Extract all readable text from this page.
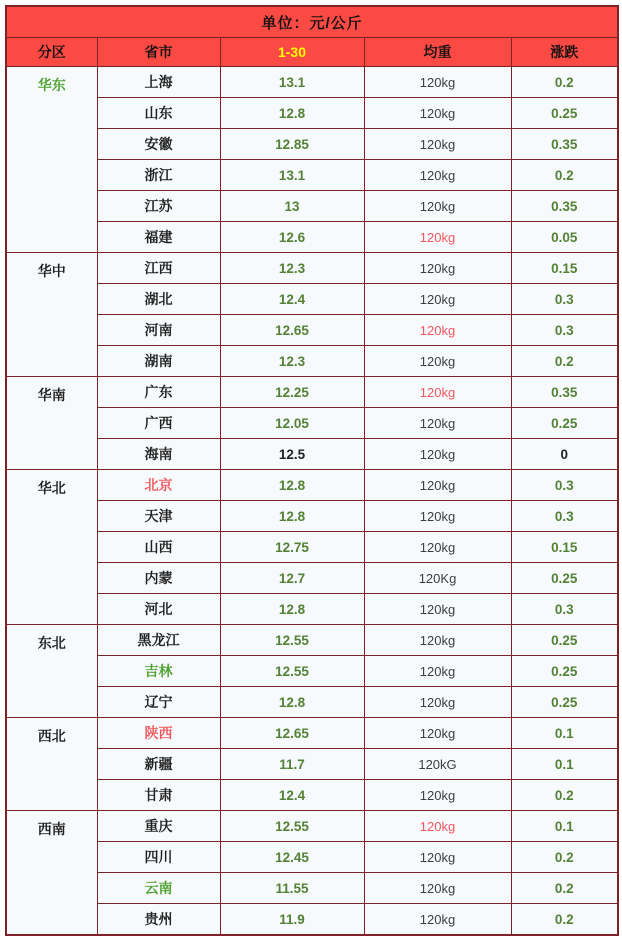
单位：元/公斤				
分区	省市	1-30	均重	涨跌
华东	上海	13.1	120kg	0.2
	山东	12.8	120kg	0.25
	安徽	12.85	120kg	0.35
	浙江	13.1	120kg	0.2
	江苏	13	120kg	0.35
	福建	12.6	120kg	0.05
华中	江西	12.3	120kg	0.15
	湖北	12.4	120kg	0.3
	河南	12.65	120kg	0.3
	湖南	12.3	120kg	0.2
华南	广东	12.25	120kg	0.35
	广西	12.05	120kg	0.25
	海南	12.5	120kg	0
华北	北京	12.8	120kg	0.3
	天津	12.8	120kg	0.3
	山西	12.75	120kg	0.15
	内蒙	12.7	120Kg	0.25
	河北	12.8	120kg	0.3
东北	黑龙江	12.55	120kg	0.25
	吉林	12.55	120kg	0.25
	辽宁	12.8	120kg	0.25
西北	陕西	12.65	120kg	0.1
	新疆	11.7	120kG	0.1
	甘肃	12.4	120kg	0.2
西南	重庆	12.55	120kg	0.1
	四川	12.45	120kg	0.2
	云南	11.55	120kg	0.2
	贵州	11.9	120kg	0.2
